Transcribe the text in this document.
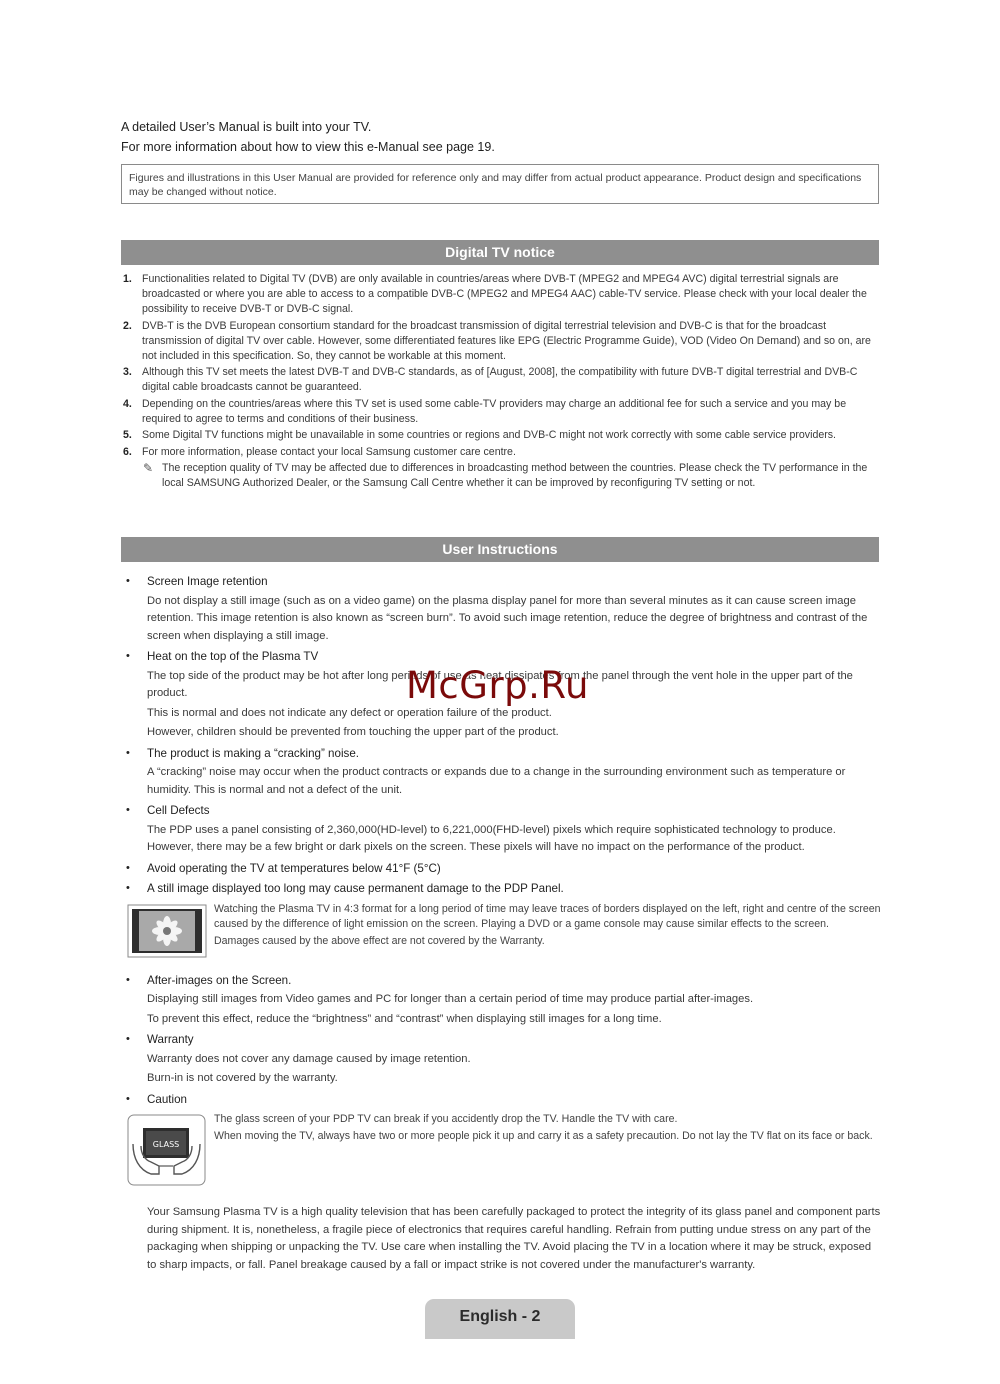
A detailed User’s Manual is built into your TV.

For more information about how to view this e-Manual see page 19.

Figures and illustrations in this User Manual are provided for reference only and may differ from actual product appearance. Product design and specifications may be changed without notice.
Digital TV notice
1. Functionalities related to Digital TV (DVB) are only available in countries/areas where DVB-T (MPEG2 and MPEG4 AVC) digital terrestrial signals are broadcasted or where you are able to access to a compatible DVB-C (MPEG2 and MPEG4 AAC) cable-TV service. Please check with your local dealer the possibility to receive DVB-T or DVB-C signal.
2. DVB-T is the DVB European consortium standard for the broadcast transmission of digital terrestrial television and DVB-C is that for the broadcast transmission of digital TV over cable. However, some differentiated features like EPG (Electric Programme Guide), VOD (Video On Demand) and so on, are not included in this specification. So, they cannot be workable at this moment.
3. Although this TV set meets the latest DVB-T and DVB-C standards, as of [August, 2008], the compatibility with future DVB-T digital terrestrial and DVB-C digital cable broadcasts cannot be guaranteed.
4. Depending on the countries/areas where this TV set is used some cable-TV providers may charge an additional fee for such a service and you may be required to agree to terms and conditions of their business.
5. Some Digital TV functions might be unavailable in some countries or regions and DVB-C might not work correctly with some cable service providers.
6. For more information, please contact your local Samsung customer care centre.
✎ The reception quality of TV may be affected due to differences in broadcasting method between the countries. Please check the TV performance in the local SAMSUNG Authorized Dealer, or the Samsung Call Centre whether it can be improved by reconfiguring TV setting or not.
User Instructions
• Screen Image retention

Do not display a still image (such as on a video game) on the plasma display panel for more than several minutes as it can cause screen image retention. This image retention is also known as “screen burn”. To avoid such image retention, reduce the degree of brightness and contrast of the screen when displaying a still image.

• Heat on the top of the Plasma TV

The top side of the product may be hot after long periods of use as heat dissipates from the panel through the vent hole in the upper part of the product.

This is normal and does not indicate any defect or operation failure of the product.

However, children should be prevented from touching the upper part of the product.

• The product is making a “cracking” noise.

A “cracking” noise may occur when the product contracts or expands due to a change in the surrounding environment such as temperature or humidity. This is normal and not a defect of the unit.

• Cell Defects

The PDP uses a panel consisting of 2,360,000(HD-level) to 6,221,000(FHD-level) pixels which require sophisticated technology to produce. However, there may be a few bright or dark pixels on the screen. These pixels will have no impact on the performance of the product.

• Avoid operating the TV at temperatures below 41°F (5°C)
• A still image displayed too long may cause permanent damage to the PDP Panel.

Watching the Plasma TV in 4:3 format for a long period of time may leave traces of borders displayed on the left, right and centre of the screen caused by the difference of light emission on the screen. Playing a DVD or a game console may cause similar effects to the screen.

Damages caused by the above effect are not covered by the Warranty.

• After-images on the Screen.

Displaying still images from Video games and PC for longer than a certain period of time may produce partial after-images.

To prevent this effect, reduce the “brightness” and “contrast” when displaying still images for a long time.

• Warranty

Warranty does not cover any damage caused by image retention.

Burn-in is not covered by the warranty.

• Caution
GLASS

The glass screen of your PDP TV can break if you accidently drop the TV. Handle the TV with care.

When moving the TV, always have two or more people pick it up and carry it as a safety precaution. Do not lay the TV flat on its face or back.

Your Samsung Plasma TV is a high quality television that has been carefully packaged to protect the integrity of its glass panel and component parts during shipment. It is, nonetheless, a fragile piece of electronics that requires careful handling. Refrain from putting undue stress on any part of the packaging when shipping or unpacking the TV. Use care when installing the TV. Avoid placing the TV in a location where it may be struck, exposed to sharp impacts, or fall. Panel breakage caused by a fall or impact strike is not covered under the manufacturer's warranty.

McGrp.Ru
English - 2
